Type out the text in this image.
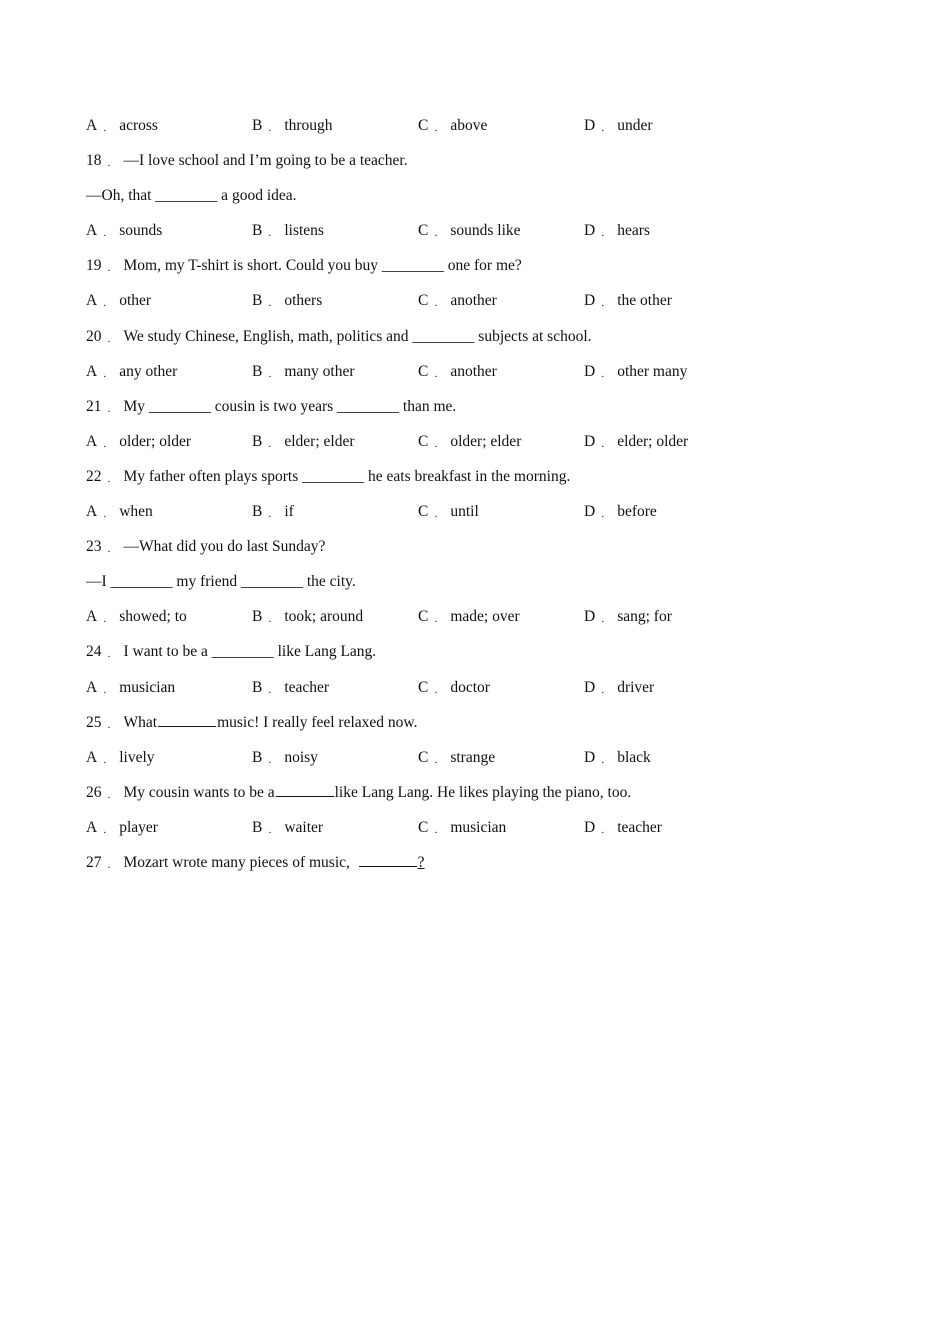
A ． across	B ． through	C ． above	D ． under
18 ． —I love school and I’m going to be a teacher.
—Oh, that ________ a good idea.
A ． sounds	B ． listens	C ． sounds like	D ． hears
19 ． Mom, my T-shirt is short. Could you buy ________ one for me?
A ． other	B ． others	C ． another	D ． the other
20 ． We study Chinese, English, math, politics and ________ subjects at school.
A ． any other	B ． many other	C ． another	D ． other many
21 ． My ________ cousin is two years ________ than me.
A ． older; older	B ． elder; elder	C ． older; elder	D ． elder; older
22 ． My father often plays sports ________ he eats breakfast in the morning.
A ． when	B ． if	C ． until	D ． before
23 ． —What did you do last Sunday?
—I ________ my friend ________ the city.
A ． showed; to	B ． took; around	C ． made; over	D ． sang; for
24 ． I want to be a ________ like Lang Lang.
A ． musician	B ． teacher	C ． doctor	D ． driver
25 ． What	music! I really feel relaxed now.
A ． lively	B ． noisy	C ． strange	D ． black
26 ． My cousin wants to be a	like Lang Lang. He likes playing the piano, too.
A ． player	B ． waiter	C ． musician	D ． teacher
27 ． Mozart wrote many pieces of music,	?
